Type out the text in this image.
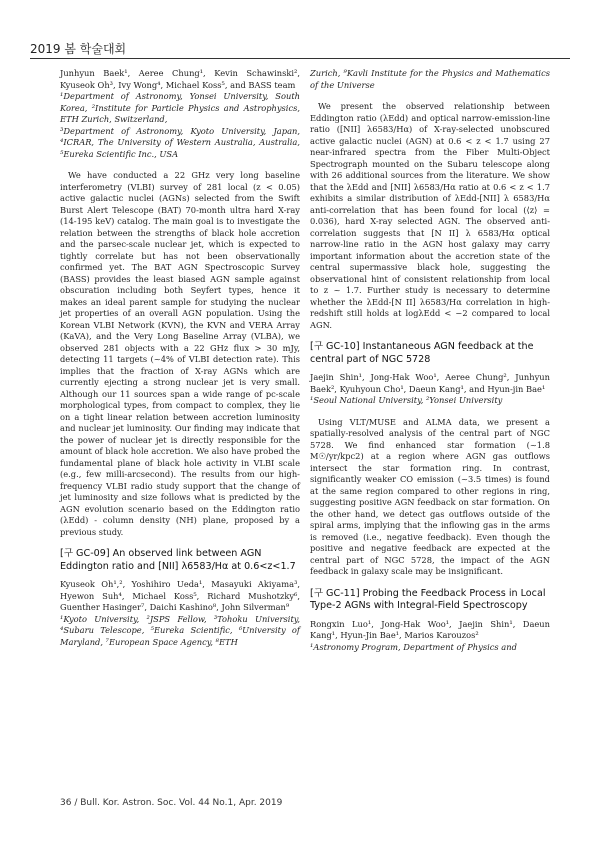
2019 봄 학술대회

Junhyun Baek¹, Aeree Chung¹, Kevin Schawinski², Kyuseok Oh³, Ivy Wong⁴, Michael Koss⁵, and BASS team

¹Department of Astronomy, Yonsei University, South Korea, ²Institute for Particle Physics and Astrophysics, ETH Zurich, Switzerland,

³Department of Astronomy, Kyoto University, Japan, ⁴ICRAR, The University of Western Australia, Australia, ⁵Eureka Scientific Inc., USA

We have conducted a 22 GHz very long baseline interferometry (VLBI) survey of 281 local (z < 0.05) active galactic nuclei (AGNs) selected from the Swift Burst Alert Telescope (BAT) 70-month ultra hard X-ray (14-195 keV) catalog. The main goal is to investigate the relation between the strengths of black hole accretion and the parsec-scale nuclear jet, which is expected to tightly correlate but has not been observationally confirmed yet. The BAT AGN Spectroscopic Survey (BASS) provides the least biased AGN sample against obscuration including both Seyfert types, hence it makes an ideal parent sample for studying the nuclear jet properties of an overall AGN population. Using the Korean VLBI Network (KVN), the KVN and VERA Array (KaVA), and the Very Long Baseline Array (VLBA), we observed 281 objects with a 22 GHz flux > 30 mJy, detecting 11 targets (~4% of VLBI detection rate). This implies that the fraction of X-ray AGNs which are currently ejecting a strong nuclear jet is very small. Although our 11 sources span a wide range of pc-scale morphological types, from compact to complex, they lie on a tight linear relation between accretion luminosity and nuclear jet luminosity. Our finding may indicate that the power of nuclear jet is directly responsible for the amount of black hole accretion. We also have probed the fundamental plane of black hole activity in VLBI scale (e.g., few milli-arcsecond). The results from our high-frequency VLBI radio study support that the change of jet luminosity and size follows what is predicted by the AGN evolution scenario based on the Eddington ratio (λEdd) - column density (NH) plane, proposed by a previous study.

[구 GC-09] An observed link between AGN Eddington ratio and [NII] λ6583/Hα at 0.6<z<1.7

Kyuseok Oh¹,², Yoshihiro Ueda¹, Masayuki Akiyama³, Hyewon Suh⁴, Michael Koss⁵, Richard Mushotzky⁶, Guenther Hasinger⁷, Daichi Kashino⁸, John Silverman⁹

¹Kyoto University, ²JSPS Fellow, ³Tohoku University, ⁴Subaru Telescope, ⁵Eureka Scientific, ⁶University of Maryland, ⁷European Space Agency, ⁸ETH

Zurich, ⁹Kavli Institute for the Physics and Mathematics of the Universe

We present the observed relationship between Eddington ratio (λEdd) and optical narrow-emission-line ratio ([NII] λ6583/Hα) of X-ray-selected unobscured active galactic nuclei (AGN) at 0.6 < z < 1.7 using 27 near-infrared spectra from the Fiber Multi-Object Spectrograph mounted on the Subaru telescope along with 26 additional sources from the literature. We show that the λEdd and [NII] λ6583/Hα ratio at 0.6 < z < 1.7 exhibits a similar distribution of λEdd-[NII] λ 6583/Hα anti-correlation that has been found for local (⟨z⟩ = 0.036), hard X-ray selected AGN. The observed anti-correlation suggests that [N II] λ 6583/Hα optical narrow-line ratio in the AGN host galaxy may carry important information about the accretion state of the central supermassive black hole, suggesting the observational hint of consistent relationship from local to z ~ 1.7. Further study is necessary to determine whether the λEdd-[N II] λ6583/Hα correlation in high-redshift still holds at logλEdd < −2 compared to local AGN.

[구 GC-10] Instantaneous AGN feedback at the central part of NGC 5728

Jaejin Shin¹, Jong-Hak Woo¹, Aeree Chung², Junhyun Baek², Kyuhyoun Cho¹, Daeun Kang¹, and Hyun-jin Bae¹

¹Seoul National University, ²Yonsei University

Using VLT/MUSE and ALMA data, we present a spatially-resolved analysis of the central part of NGC 5728. We find enhanced star formation (~1.8 M☉/yr/kpc2) at a region where AGN gas outflows intersect the star formation ring. In contrast, significantly weaker CO emission (~3.5 times) is found at the same region compared to other regions in ring, suggesting positive AGN feedback on star formation. On the other hand, we detect gas outflows outside of the spiral arms, implying that the inflowing gas in the arms is removed (i.e., negative feedback). Even though the positive and negative feedback are expected at the central part of NGC 5728, the impact of the AGN feedback in galaxy scale may be insignificant.

[구 GC-11] Probing the Feedback Process in Local Type-2 AGNs with Integral-Field Spectroscopy

Rongxin Luo¹, Jong-Hak Woo¹, Jaejin Shin¹, Daeun Kang¹, Hyun-Jin Bae¹, Marios Karouzos²

¹Astronomy Program, Department of Physics and

36 / Bull. Kor. Astron. Soc. Vol. 44 No.1, Apr. 2019
